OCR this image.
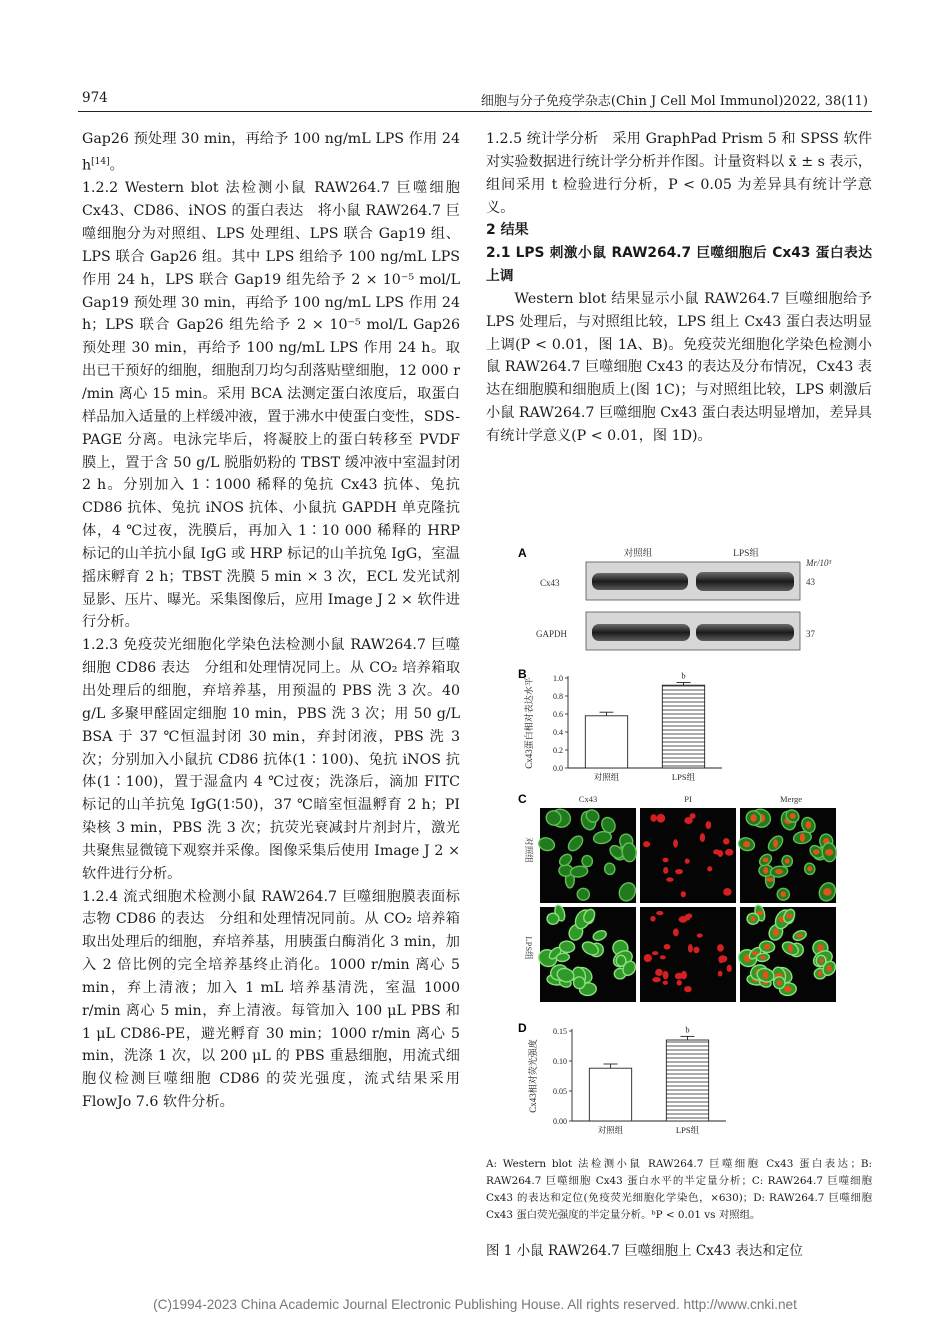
974	细胞与分子免疫学杂志(Chin J Cell Mol Immunol)2022, 38(11)

Gap26 预处理 30 min，再给予 100 ng/mL LPS 作用 24 h[14]。

1.2.2 Western blot 法检测小鼠 RAW264.7 巨噬细胞 Cx43、CD86、iNOS 的蛋白表达 将小鼠 RAW264.7 巨噬细胞分为对照组、LPS 处理组、LPS 联合 Gap19 组、LPS 联合 Gap26 组。其中 LPS 组给予 100 ng/mL LPS 作用 24 h，LPS 联合 Gap19 组先给予 2 × 10⁻⁵ mol/L Gap19 预处理 30 min，再给予 100 ng/mL LPS 作用 24 h；LPS 联合 Gap26 组先给予 2 × 10⁻⁵ mol/L Gap26 预处理 30 min，再给予 100 ng/mL LPS 作用 24 h。取出已干预好的细胞，细胞刮刀均匀刮落贴壁细胞，12 000 r /min 离心 15 min。采用 BCA 法测定蛋白浓度后，取蛋白样品加入适量的上样缓冲液，置于沸水中使蛋白变性，SDS-PAGE 分离。电泳完毕后，将凝胶上的蛋白转移至 PVDF 膜上，置于含 50 g/L 脱脂奶粉的 TBST 缓冲液中室温封闭 2 h。分别加入 1∶1000 稀释的兔抗 Cx43 抗体、兔抗 CD86 抗体、兔抗 iNOS 抗体、小鼠抗 GAPDH 单克隆抗体，4 ℃过夜，洗膜后，再加入 1∶10 000 稀释的 HRP 标记的山羊抗小鼠 IgG 或 HRP 标记的山羊抗兔 IgG，室温摇床孵育 2 h；TBST 洗膜 5 min × 3 次，ECL 发光试剂显影、压片、曝光。采集图像后，应用 Image J 2 × 软件进行分析。

1.2.3 免疫荧光细胞化学染色法检测小鼠 RAW264.7 巨噬细胞 CD86 表达 分组和处理情况同上。从 CO₂ 培养箱取出处理后的细胞，弃培养基，用预温的 PBS 洗 3 次。40 g/L 多聚甲醛固定细胞 10 min，PBS 洗 3 次；用 50 g/L BSA 于 37 ℃恒温封闭 30 min，弃封闭液，PBS 洗 3 次；分别加入小鼠抗 CD86 抗体(1∶100)、兔抗 iNOS 抗体(1∶100)，置于湿盒内 4 ℃过夜；洗涤后，滴加 FITC 标记的山羊抗兔 IgG(1∶50)，37 ℃暗室恒温孵育 2 h；PI 染核 3 min，PBS 洗 3 次；抗荧光衰减封片剂封片，激光共聚焦显微镜下观察并采像。图像采集后使用 Image J 2 × 软件进行分析。

1.2.4 流式细胞术检测小鼠 RAW264.7 巨噬细胞膜表面标志物 CD86 的表达 分组和处理情况同前。从 CO₂ 培养箱取出处理后的细胞，弃培养基，用胰蛋白酶消化 3 min，加入 2 倍比例的完全培养基终止消化。1000 r/min 离心 5 min，弃上清液；加入 1 mL 培养基清洗，室温 1000 r/min 离心 5 min，弃上清液。每管加入 100 μL PBS 和 1 μL CD86-PE，避光孵育 30 min；1000 r/min 离心 5 min，洗涤 1 次，以 200 μL 的 PBS 重悬细胞，用流式细胞仪检测巨噬细胞 CD86 的荧光强度，流式结果采用 FlowJo 7.6 软件分析。

1.2.5 统计学分析 采用 GraphPad Prism 5 和 SPSS 软件对实验数据进行统计学分析并作图。计量资料以 x̄ ± s 表示，组间采用 t 检验进行分析，P < 0.05 为差异具有统计学意义。

2 结果

2.1 LPS 刺激小鼠 RAW264.7 巨噬细胞后 Cx43 蛋白表达上调

Western blot 结果显示小鼠 RAW264.7 巨噬细胞给予 LPS 处理后，与对照组比较，LPS 组上 Cx43 蛋白表达明显上调(P < 0.01，图 1A、B)。免疫荧光细胞化学染色检测小鼠 RAW264.7 巨噬细胞 Cx43 的表达及分布情况，Cx43 表达在细胞膜和细胞质上(图 1C)；与对照组比较，LPS 刺激后小鼠 RAW264.7 巨噬细胞 Cx43 蛋白表达明显增加，差异具有统计学意义(P < 0.01，图 1D)。

A	对照组	LPS组
Mr/10³
Cx43	43
GAPDH	37
B
0.0
0.2
0.4
0.6
0.8
1.0
Cx43蛋白相对表达水平
对照组	LPS组
b
C	Cx43	PI	Merge
对照组
LPS组
D
0.00
0.05
0.10
0.15
Cx43相对荧光强度
对照组	LPS组
b
A: Western blot 法检测小鼠 RAW264.7 巨噬细胞 Cx43 蛋白表达；B: RAW264.7 巨噬细胞 Cx43 蛋白水平的半定量分析；C: RAW264.7 巨噬细胞 Cx43 的表达和定位(免疫荧光细胞化学染色，×630)；D: RAW264.7 巨噬细胞 Cx43 蛋白荧光强度的半定量分析。ᵇP < 0.01 vs 对照组。
图 1 小鼠 RAW264.7 巨噬细胞上 Cx43 表达和定位
(C)1994-2023 China Academic Journal Electronic Publishing House. All rights reserved. http://www.cnki.net
